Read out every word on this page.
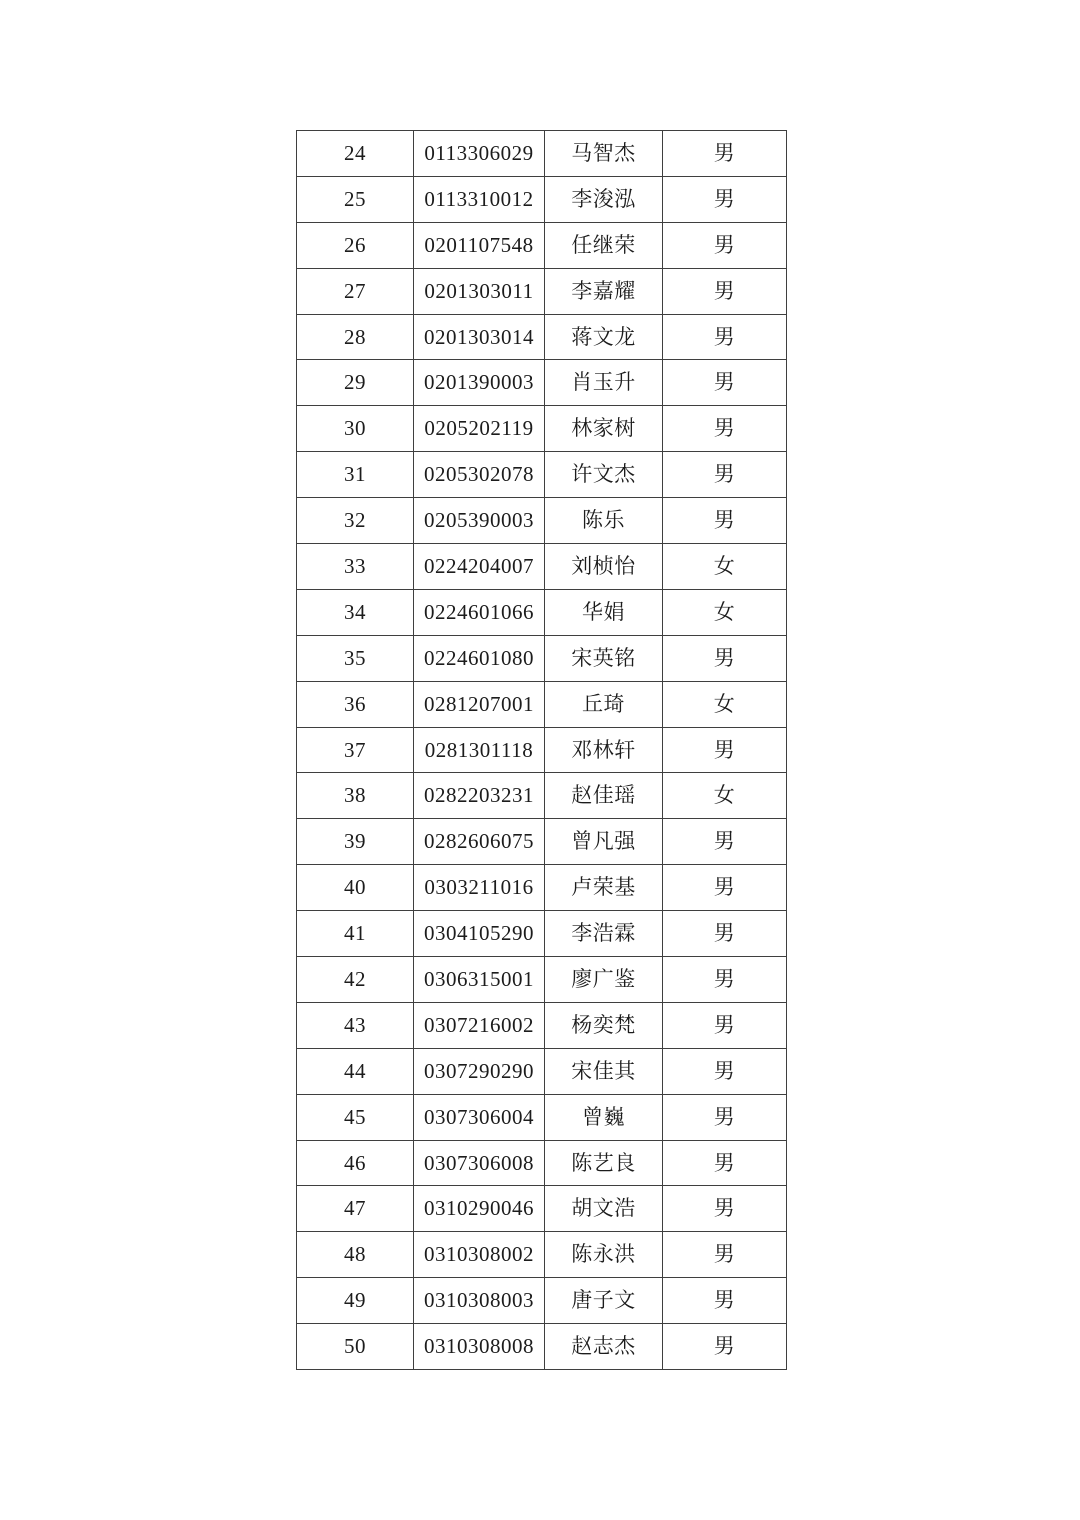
24	0113306029	马智杰	男
25	0113310012	李浚泓	男
26	0201107548	任继荣	男
27	0201303011	李嘉耀	男
28	0201303014	蒋文龙	男
29	0201390003	肖玉升	男
30	0205202119	林家树	男
31	0205302078	许文杰	男
32	0205390003	陈乐	男
33	0224204007	刘桢怡	女
34	0224601066	华娟	女
35	0224601080	宋英铭	男
36	0281207001	丘琦	女
37	0281301118	邓林轩	男
38	0282203231	赵佳瑶	女
39	0282606075	曾凡强	男
40	0303211016	卢荣基	男
41	0304105290	李浩霖	男
42	0306315001	廖广鉴	男
43	0307216002	杨奕梵	男
44	0307290290	宋佳其	男
45	0307306004	曾巍	男
46	0307306008	陈艺良	男
47	0310290046	胡文浩	男
48	0310308002	陈永洪	男
49	0310308003	唐子文	男
50	0310308008	赵志杰	男
